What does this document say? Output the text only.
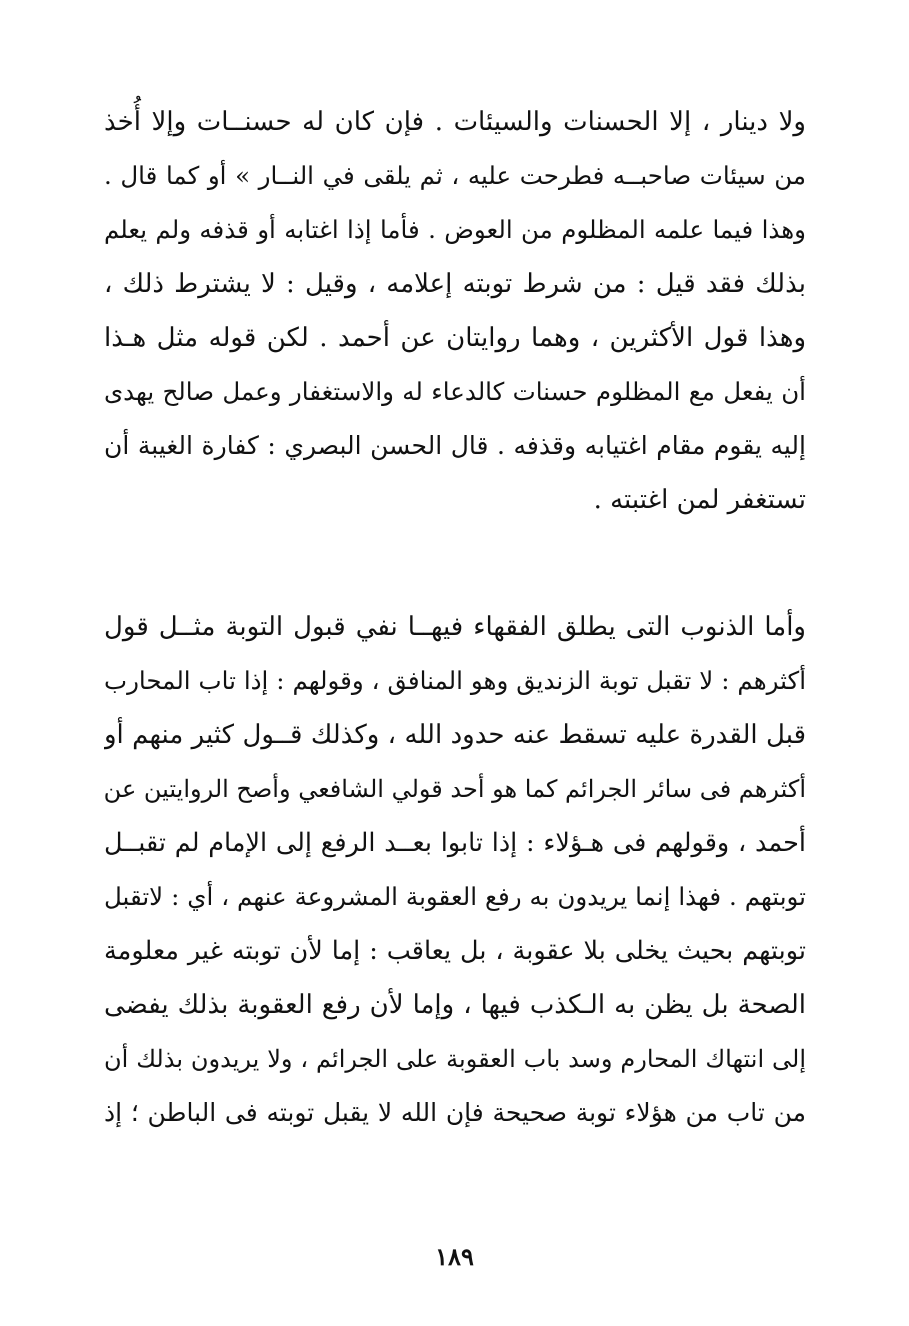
ولا دينار ، إلا الحسنات والسيئات . فإن كان له حسنــات وإلا أُخذ
من سيئات صاحبــه فطرحت عليه ، ثم يلقى في النــار » أو كما قال .
وهذا فيما علمه المظلوم من العوض . فأما إذا اغتابه أو قذفه ولم يعلم
بذلك فقد قيل : من شرط توبته إعلامه ، وقيل : لا يشترط ذلك ،
وهذا قول الأكثرين ، وهما روايتان عن أحمد . لكن قوله مثل هـذا
أن يفعل مع المظلوم حسنات كالدعاء له والاستغفار وعمل صالح يهدى
إليه يقوم مقام اغتيابه وقذفه . قال الحسن البصري : كفارة الغيبة أن
تستغفر لمن اغتبته .
وأما الذنوب التى يطلق الفقهاء فيهــا نفي قبول التوبة مثــل قول
أكثرهم : لا تقبل توبة الزنديق وهو المنافق ، وقولهم : إذا تاب المحارب
قبل القدرة عليه تسقط عنه حدود الله ، وكذلك قــول كثير منهم أو
أكثرهم فى سائر الجرائم كما هو أحد قولي الشافعي وأصح الروايتين عن
أحمد ، وقولهم فى هـؤلاء : إذا تابوا بعــد الرفع إلى الإمام لم تقبــل
توبتهم . فهذا إنما يريدون به رفع العقوبة المشروعة عنهم ، أي : لاتقبل
توبتهم بحيث يخلى بلا عقوبة ، بل يعاقب : إما لأن توبته غير معلومة
الصحة بل يظن به الـكذب فيها ، وإما لأن رفع العقوبة بذلك يفضى
إلى انتهاك المحارم وسد باب العقوبة على الجرائم ، ولا يريدون بذلك أن
من تاب من هؤلاء توبة صحيحة فإن الله لا يقبل توبته فى الباطن ؛ إذ
١٨٩
